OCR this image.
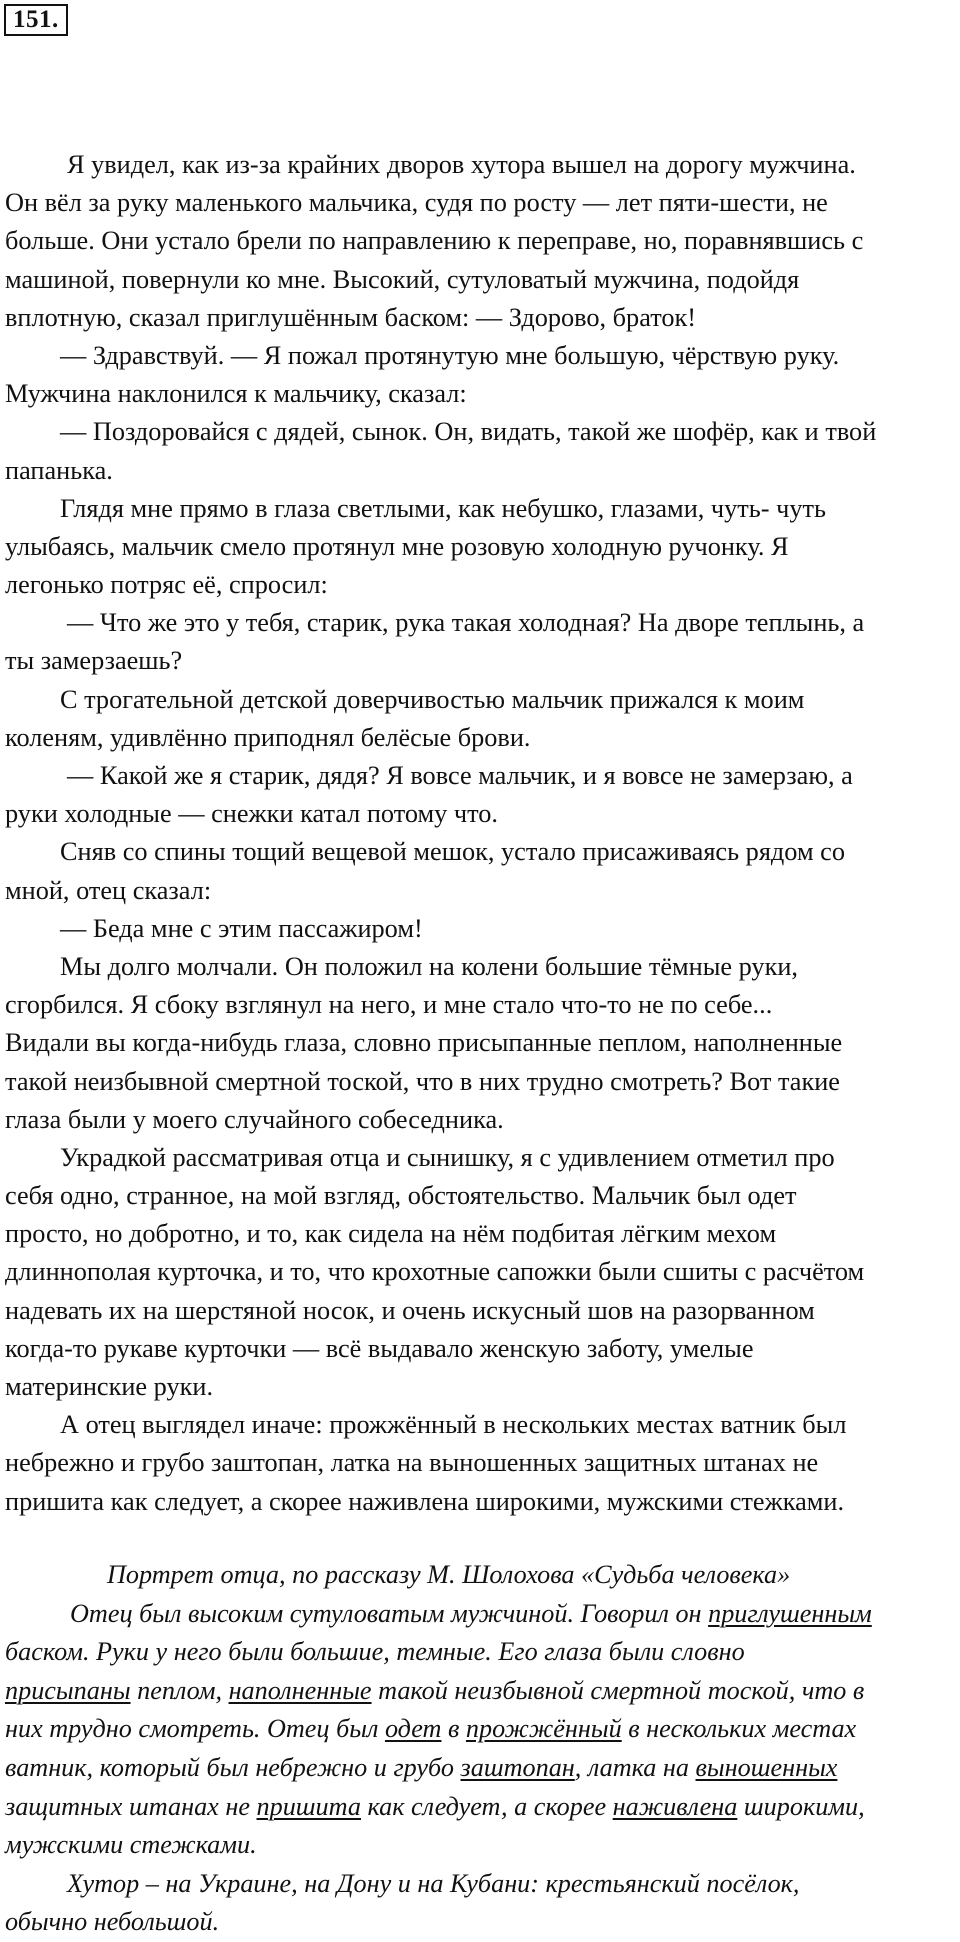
151.
Я увидел, как из-за крайних дворов хутора вышел на дорогу мужчина.
Он вёл за руку маленького мальчика, судя по росту — лет пяти-шести, не
больше. Они устало брели по направлению к переправе, но, поравнявшись с
машиной, повернули ко мне. Высокий, сутуловатый мужчина, подойдя
вплотную, сказал приглушённым баском: — Здорово, браток!
— Здравствуй. — Я пожал протянутую мне большую, чёрствую руку.
Мужчина наклонился к мальчику, сказал:
— Поздоровайся с дядей, сынок. Он, видать, такой же шофёр, как и твой
папанька.
Глядя мне прямо в глаза светлыми, как небушко, глазами, чуть- чуть
улыбаясь, мальчик смело протянул мне розовую холодную ручонку. Я
легонько потряс её, спросил:
— Что же это у тебя, старик, рука такая холодная? На дворе теплынь, а
ты замерзаешь?
С трогательной детской доверчивостью мальчик прижался к моим
коленям, удивлённо приподнял белёсые брови.
— Какой же я старик, дядя? Я вовсе мальчик, и я вовсе не замерзаю, а
руки холодные — снежки катал потому что.
Сняв со спины тощий вещевой мешок, устало присаживаясь рядом со
мной, отец сказал:
— Беда мне с этим пассажиром!
Мы долго молчали. Он положил на колени большие тёмные руки,
сгорбился. Я сбоку взглянул на него, и мне стало что-то не по себе...
Видали вы когда-нибудь глаза, словно присыпанные пеплом, наполненные
такой неизбывной смертной тоской, что в них трудно смотреть? Вот такие
глаза были у моего случайного собеседника.
Украдкой рассматривая отца и сынишку, я с удивлением отметил про
себя одно, странное, на мой взгляд, обстоятельство. Мальчик был одет
просто, но добротно, и то, как сидела на нём подбитая лёгким мехом
длиннополая курточка, и то, что крохотные сапожки были сшиты с расчётом
надевать их на шерстяной носок, и очень искусный шов на разорванном
когда-то рукаве курточки — всё выдавало женскую заботу, умелые
материнские руки.
А отец выглядел иначе: прожжённый в нескольких местах ватник был
небрежно и грубо заштопан, латка на выношенных защитных штанах не
пришита как следует, а скорее наживлена широкими, мужскими стежками.
Портрет отца, по рассказу М. Шолохова «Судьба человека»
Отец был высоким сутуловатым мужчиной. Говорил он приглушенным
баском. Руки у него были большие, темные. Его глаза были словно
присыпаны пеплом, наполненные такой неизбывной смертной тоской, что в
них трудно смотреть. Отец был одет в прожжённый в нескольких местах
ватник, который был небрежно и грубо заштопан, латка на выношенных
защитных штанах не пришита как следует, а скорее наживлена широкими,
мужскими стежками.
Хутор – на Украине, на Дону и на Кубани: крестьянский посёлок,
обычно небольшой.
